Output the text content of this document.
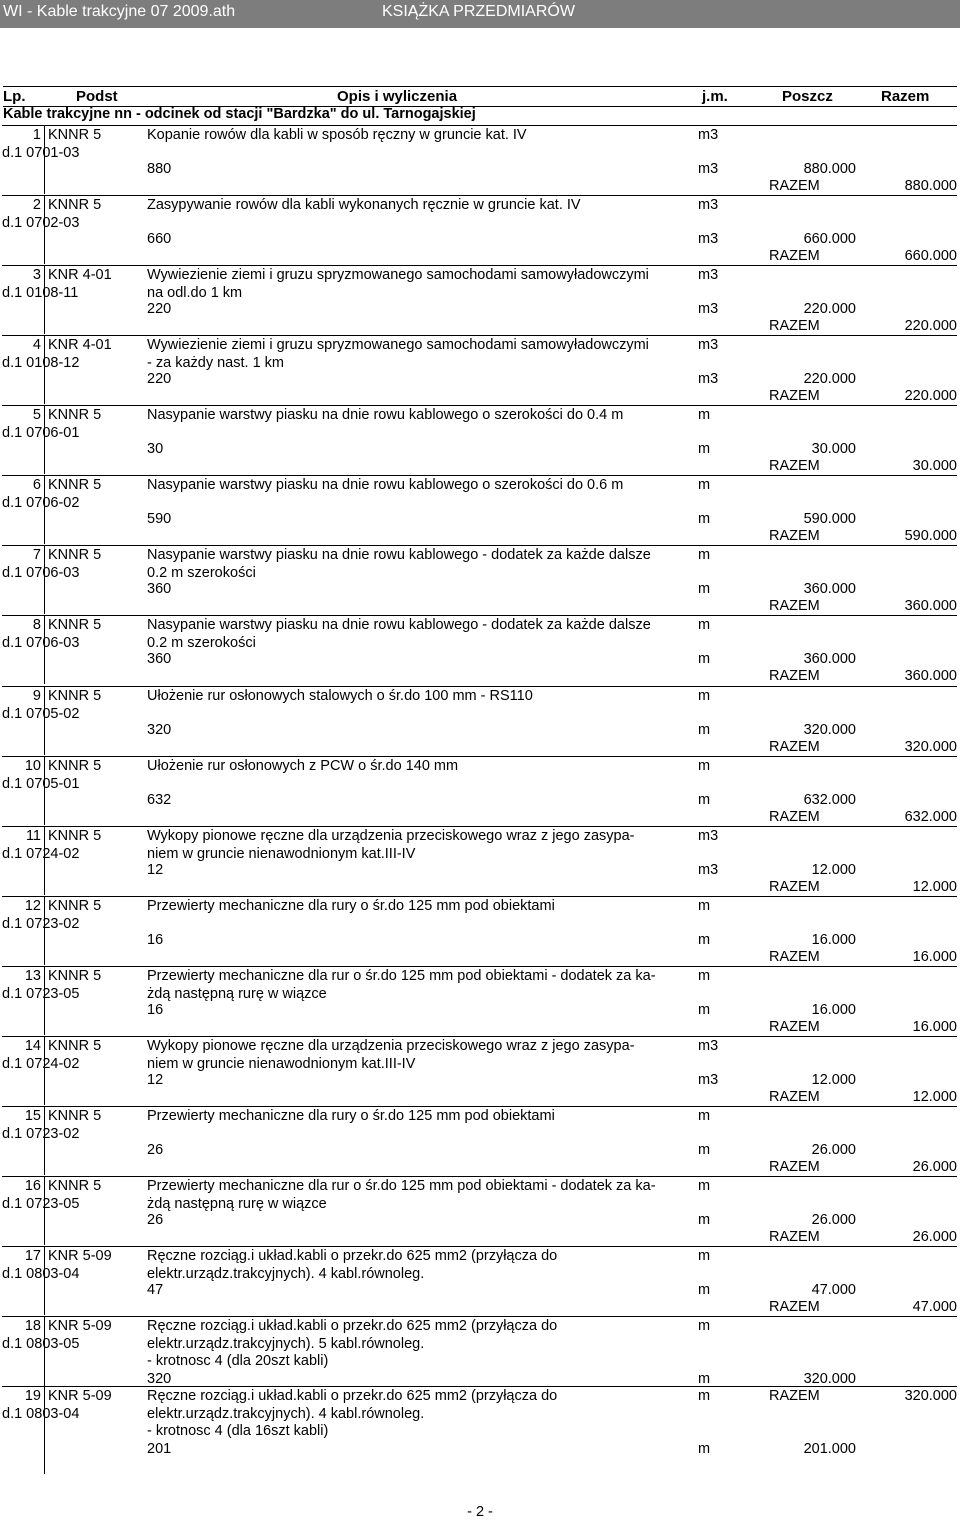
WI - Kable trakcyjne 07 2009.ath	KSIĄŻKA PRZEDMIARÓW
Lp.	Podst	Opis i wyliczenia	j.m.	Poszcz	Razem
Kable trakcyjne nn - odcinek od stacji "Bardzka" do ul. Tarnogajskiej
1 KNNR 5
d.1 0701-03
Kopanie rowów dla kabli w sposób ręczny w gruncie kat. IV	m3
880	m3	880.000
RAZEM	880.000
2 KNNR 5
d.1 0702-03
Zasypywanie rowów dla kabli wykonanych ręcznie w gruncie kat. IV	m3
660	m3	660.000
RAZEM	660.000
3 KNR 4-01
d.1 0108-11
Wywiezienie ziemi i gruzu spryzmowanego samochodami samowyładowczymi
na odl.do 1 km
m3
220	m3	220.000
RAZEM	220.000
4 KNR 4-01
d.1 0108-12
Wywiezienie ziemi i gruzu spryzmowanego samochodami samowyładowczymi
- za każdy nast. 1 km
m3
220	m3	220.000
RAZEM	220.000
5 KNNR 5
d.1 0706-01
Nasypanie warstwy piasku na dnie rowu kablowego o szerokości do 0.4 m	m
30	m	30.000
RAZEM	30.000
6 KNNR 5
d.1 0706-02
Nasypanie warstwy piasku na dnie rowu kablowego o szerokości do 0.6 m	m
590	m	590.000
RAZEM	590.000
7 KNNR 5
d.1 0706-03
Nasypanie warstwy piasku na dnie rowu kablowego - dodatek za każde dalsze
0.2 m szerokości
m
360	m	360.000
RAZEM	360.000
8 KNNR 5
d.1 0706-03
Nasypanie warstwy piasku na dnie rowu kablowego - dodatek za każde dalsze
0.2 m szerokości
m
360	m	360.000
RAZEM	360.000
9 KNNR 5
d.1 0705-02
Ułożenie rur osłonowych stalowych o śr.do 100 mm - RS110	m
320	m	320.000
RAZEM	320.000
10 KNNR 5
d.1 0705-01
Ułożenie rur osłonowych z PCW o śr.do 140 mm	m
632	m	632.000
RAZEM	632.000
11 KNNR 5
d.1 0724-02
Wykopy pionowe ręczne dla urządzenia przeciskowego wraz z jego zasypa-
niem w gruncie nienawodnionym kat.III-IV
m3
12	m3	12.000
RAZEM	12.000
12 KNNR 5
d.1 0723-02
Przewierty mechaniczne dla rury o śr.do 125 mm pod obiektami	m
16	m	16.000
RAZEM	16.000
13 KNNR 5
d.1 0723-05
Przewierty mechaniczne dla rur o śr.do 125 mm pod obiektami - dodatek za ka-
żdą następną rurę w wiązce
m
16	m	16.000
RAZEM	16.000
14 KNNR 5
d.1 0724-02
Wykopy pionowe ręczne dla urządzenia przeciskowego wraz z jego zasypa-
niem w gruncie nienawodnionym kat.III-IV
m3
12	m3	12.000
RAZEM	12.000
15 KNNR 5
d.1 0723-02
Przewierty mechaniczne dla rury o śr.do 125 mm pod obiektami	m
26	m	26.000
RAZEM	26.000
16 KNNR 5
d.1 0723-05
Przewierty mechaniczne dla rur o śr.do 125 mm pod obiektami - dodatek za ka-
żdą następną rurę w wiązce
m
26	m	26.000
RAZEM	26.000
17 KNR 5-09
d.1 0803-04
Ręczne rozciąg.i układ.kabli o przekr.do 625 mm2 (przyłącza do
elektr.urządz.trakcyjnych). 4 kabl.równoleg.
m
47	m	47.000
RAZEM	47.000
18 KNR 5-09
d.1 0803-05
Ręczne rozciąg.i układ.kabli o przekr.do 625 mm2 (przyłącza do
elektr.urządz.trakcyjnych). 5 kabl.równoleg.
- krotnosc 4 (dla 20szt kabli)
m
320	m	320.000
RAZEM	320.000
19 KNR 5-09
d.1 0803-04
Ręczne rozciąg.i układ.kabli o przekr.do 625 mm2 (przyłącza do
elektr.urządz.trakcyjnych). 4 kabl.równoleg.
- krotnosc 4 (dla 16szt kabli)
m
201	m	201.000
- 2 -
